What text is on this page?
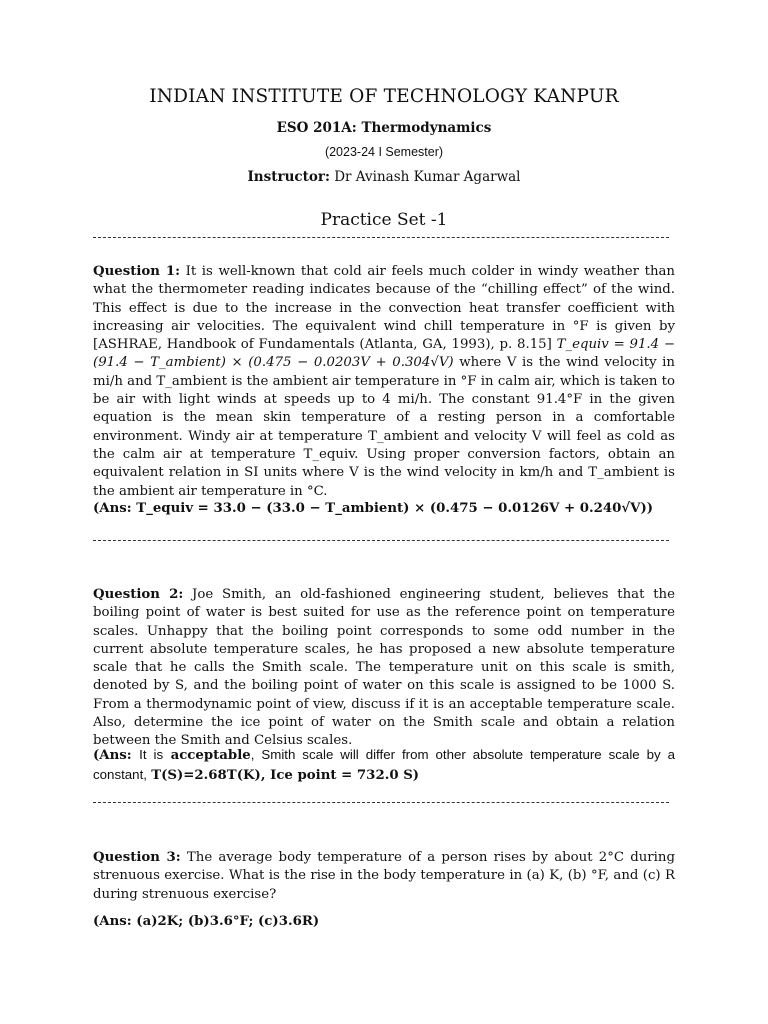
INDIAN INSTITUTE OF TECHNOLOGY KANPUR
ESO 201A: Thermodynamics
(2023-24 I Semester)
Instructor: Dr Avinash Kumar Agarwal
Practice Set -1
Question 1: It is well-known that cold air feels much colder in windy weather than what the thermometer reading indicates because of the “chilling effect” of the wind. This effect is due to the increase in the convection heat transfer coefficient with increasing air velocities. The equivalent wind chill temperature in °F is given by [ASHRAE, Handbook of Fundamentals (Atlanta, GA, 1993), p. 8.15] T_equiv = 91.4 − (91.4 − T_ambient) × (0.475 − 0.0203V + 0.304√V) where V is the wind velocity in mi/h and T_ambient is the ambient air temperature in °F in calm air, which is taken to be air with light winds at speeds up to 4 mi/h. The constant 91.4°F in the given equation is the mean skin temperature of a resting person in a comfortable environment. Windy air at temperature T_ambient and velocity V will feel as cold as the calm air at temperature T_equiv. Using proper conversion factors, obtain an equivalent relation in SI units where V is the wind velocity in km/h and T_ambient is the ambient air temperature in °C.
(Ans: T_equiv = 33.0 − (33.0 − T_ambient) × (0.475 − 0.0126V + 0.240√V))
Question 2: Joe Smith, an old-fashioned engineering student, believes that the boiling point of water is best suited for use as the reference point on temperature scales. Unhappy that the boiling point corresponds to some odd number in the current absolute temperature scales, he has proposed a new absolute temperature scale that he calls the Smith scale. The temperature unit on this scale is smith, denoted by S, and the boiling point of water on this scale is assigned to be 1000 S. From a thermodynamic point of view, discuss if it is an acceptable temperature scale. Also, determine the ice point of water on the Smith scale and obtain a relation between the Smith and Celsius scales.
(Ans: It is acceptable, Smith scale will differ from other absolute temperature scale by a constant, T(S)=2.68T(K), Ice point = 732.0 S)
Question 3: The average body temperature of a person rises by about 2°C during strenuous exercise. What is the rise in the body temperature in (a) K, (b) °F, and (c) R during strenuous exercise?
(Ans: (a)2K; (b)3.6°F; (c)3.6R)
